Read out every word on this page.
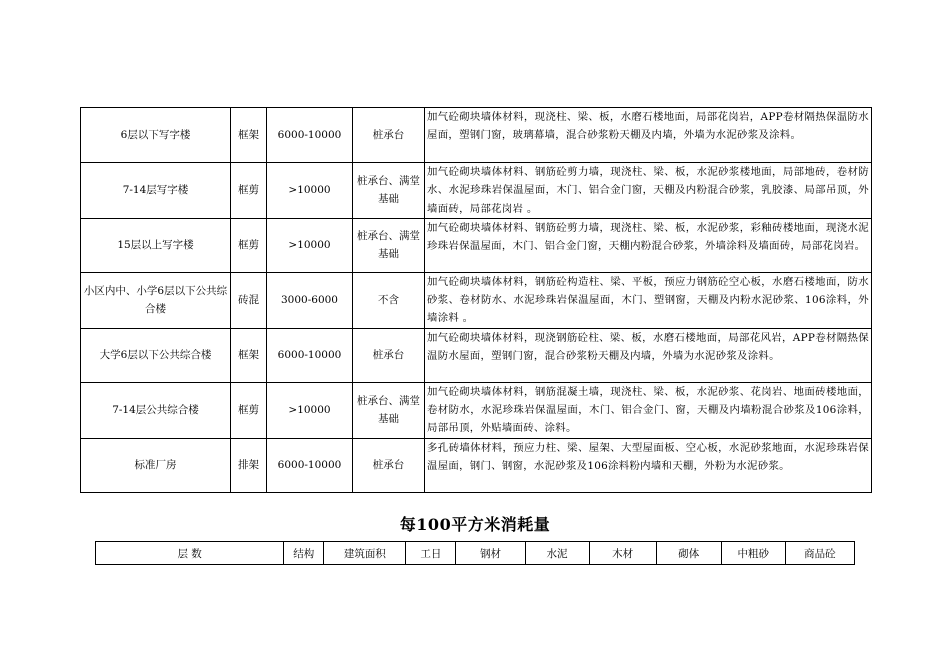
6层以下写字楼	框架	6000-10000	桩承台	加气砼砌块墙体材料，现浇柱、梁、板，水磨石楼地面，局部花岗岩，APP卷材隔热保温防水屋面，塑钢门窗，玻璃幕墙，混合砂浆粉天棚及内墙，外墙为水泥砂浆及涂料。
7-14层写字楼	框剪	>10000	桩承台、满堂基础	加气砼砌块墙体材料、钢筋砼剪力墙，现浇柱、梁、板，水泥砂浆楼地面，局部地砖，卷材防水、水泥珍珠岩保温屋面，木门、铝合金门窗，天棚及内粉混合砂浆，乳胶漆、局部吊顶，外墙面砖，局部花岗岩 。
15层以上写字楼	框剪	>10000	桩承台、满堂基础	加气砼砌块墙体材料、钢筋砼剪力墙，现浇柱、梁、板，水泥砂浆，彩釉砖楼地面，现浇水泥珍珠岩保温屋面，木门、铝合金门窗，天棚内粉混合砂浆，外墙涂料及墙面砖，局部花岗岩。
小区内中、小学6层以下公共综合楼	砖混	3000-6000	不含	加气砼砌块墙体材料，钢筋砼构造柱、梁、平板，预应力钢筋砼空心板，水磨石楼地面，防水砂浆、卷材防水、水泥珍珠岩保温屋面，木门、塑钢窗，天棚及内粉水泥砂浆、106涂料，外墙涂料 。
大学6层以下公共综合楼	框架	6000-10000	桩承台	加气砼砌块墙体材料，现浇钢筋砼柱、梁、板，水磨石楼地面，局部花风岩，APP卷材隔热保温防水屋面，塑钢门窗，混合砂浆粉天棚及内墙，外墙为水泥砂浆及涂料。
7-14层公共综合楼	框剪	>10000	桩承台、满堂基础	加气砼砌块墙体材料，钢筋混凝土墙，现浇柱、梁、板，水泥砂浆、花岗岩、地面砖楼地面，卷材防水，水泥珍珠岩保温屋面，木门、铝合金门、窗，天棚及内墙粉混合砂浆及106涂料，局部吊顶，外贴墙面砖、涂料。
标准厂房	排架	6000-10000	桩承台	多孔砖墙体材料，预应力柱、梁、屋架、大型屋面板、空心板，水泥砂浆地面，水泥珍珠岩保温屋面，钢门、钢窗，水泥砂浆及106涂料粉内墙和天棚，外粉为水泥砂浆。
每100平方米消耗量
层 数	结构	建筑面积	工日	钢材	水泥	木材	砌体	中粗砂	商品砼
